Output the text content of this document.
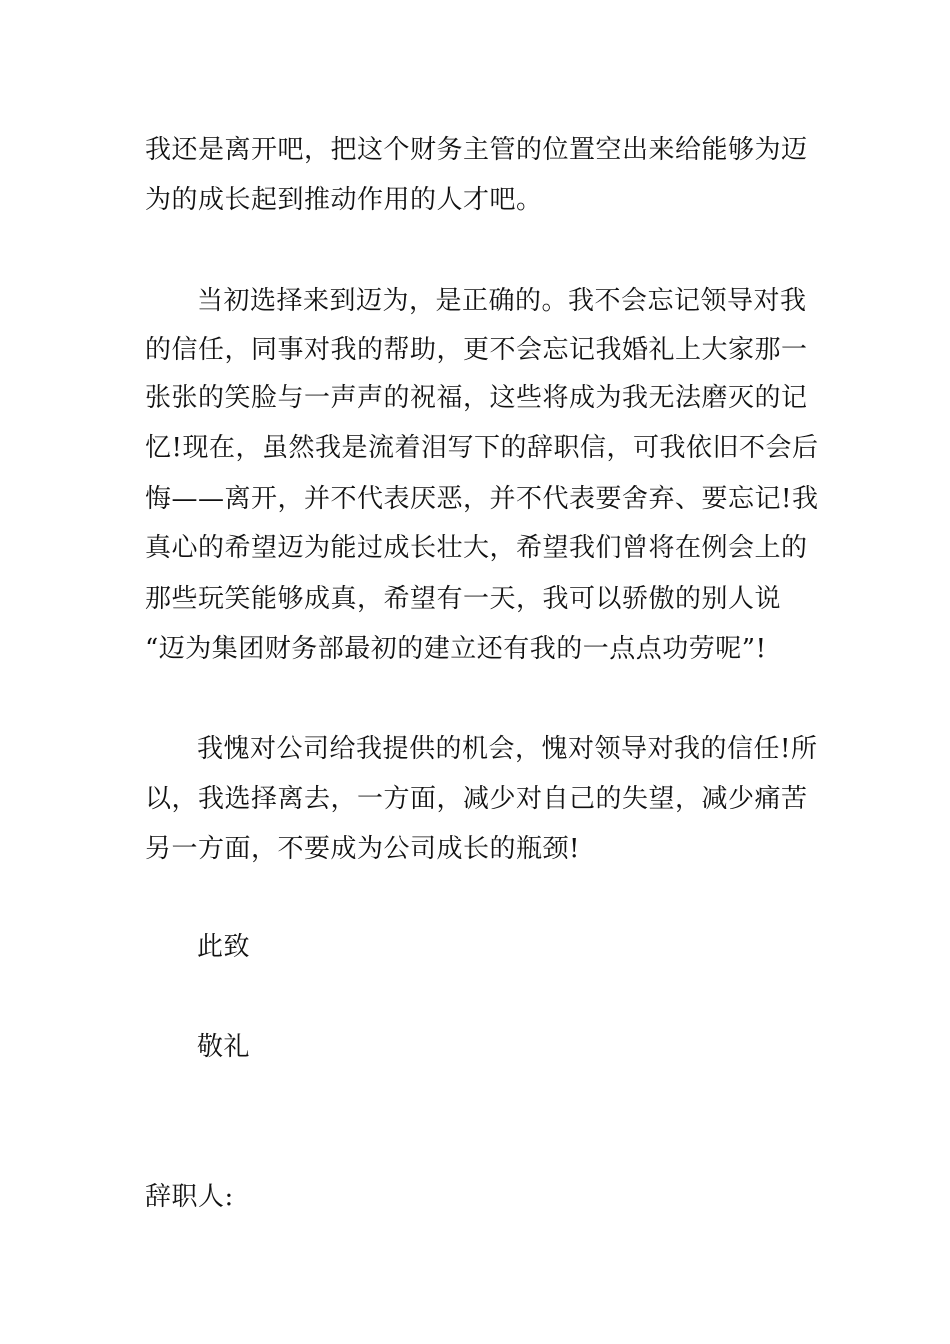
我还是离开吧，把这个财务主管的位置空出来给能够为迈
为的成长起到推动作用的人才吧。
当初选择来到迈为，是正确的。我不会忘记领导对我
的信任，同事对我的帮助，更不会忘记我婚礼上大家那一
张张的笑脸与一声声的祝福，这些将成为我无法磨灭的记
忆!现在，虽然我是流着泪写下的辞职信，可我依旧不会后
悔——离开，并不代表厌恶，并不代表要舍弃、要忘记!我
真心的希望迈为能过成长壮大，希望我们曾将在例会上的
那些玩笑能够成真，希望有一天，我可以骄傲的别人说
“迈为集团财务部最初的建立还有我的一点点功劳呢”!
我愧对公司给我提供的机会，愧对领导对我的信任!所
以，我选择离去，一方面，减少对自己的失望，减少痛苦
另一方面，不要成为公司成长的瓶颈!
此致
敬礼
辞职人:
